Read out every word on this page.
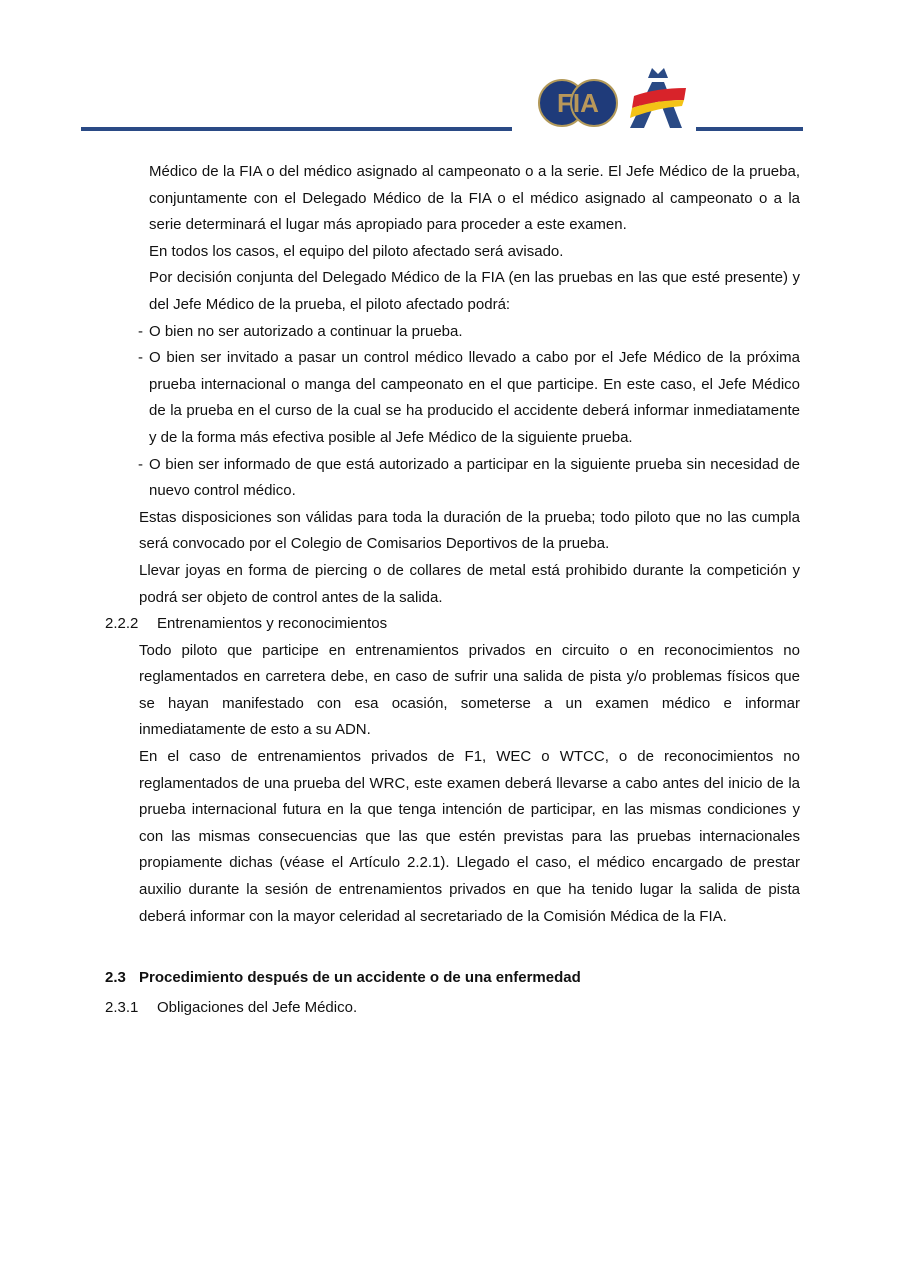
FIA

Médico de la FIA o del médico asignado al campeonato o a la serie. El Jefe Médico de la prueba, conjuntamente con el Delegado Médico de la FIA o el médico asignado al campeonato o a la serie determinará el lugar más apropiado para proceder a este examen.

En todos los casos, el equipo del piloto afectado será avisado.

Por decisión conjunta del Delegado Médico de la FIA (en las pruebas en las que esté presente) y del Jefe Médico de la prueba, el piloto afectado podrá:

- O bien no ser autorizado a continuar la prueba.
- O bien ser invitado a pasar un control médico llevado a cabo por el Jefe Médico de la próxima prueba internacional o manga del campeonato en el que participe. En este caso, el Jefe Médico de la prueba en el curso de la cual se ha producido el accidente deberá informar inmediatamente y de la forma más efectiva posible al Jefe Médico de la siguiente prueba.
- O bien ser informado de que está autorizado a participar en la siguiente prueba sin necesidad de nuevo control médico.

Estas disposiciones son válidas para toda la duración de la prueba; todo piloto que no las cumpla será convocado por el Colegio de Comisarios Deportivos de la prueba.

Llevar joyas en forma de piercing o de collares de metal está prohibido durante la competición y podrá ser objeto de control antes de la salida.

2.2.2 Entrenamientos y reconocimientos

Todo piloto que participe en entrenamientos privados en circuito o en reconocimientos no reglamentados en carretera debe, en caso de sufrir una salida de pista y/o problemas físicos que se hayan manifestado con esa ocasión, someterse a un examen médico e informar inmediatamente de esto a su ADN.

En el caso de entrenamientos privados de F1, WEC o WTCC, o de reconocimientos no reglamentados de una prueba del WRC, este examen deberá llevarse a cabo antes del inicio de la prueba internacional futura en la que tenga intención de participar, en las mismas condiciones y con las mismas consecuencias que las que estén previstas para las pruebas internacionales propiamente dichas (véase el Artículo 2.2.1). Llegado el caso, el médico encargado de prestar auxilio durante la sesión de entrenamientos privados en que ha tenido lugar la salida de pista deberá informar con la mayor celeridad al secretariado de la Comisión Médica de la FIA.

2.3 Procedimiento después de un accidente o de una enfermedad
2.3.1 Obligaciones del Jefe Médico.
